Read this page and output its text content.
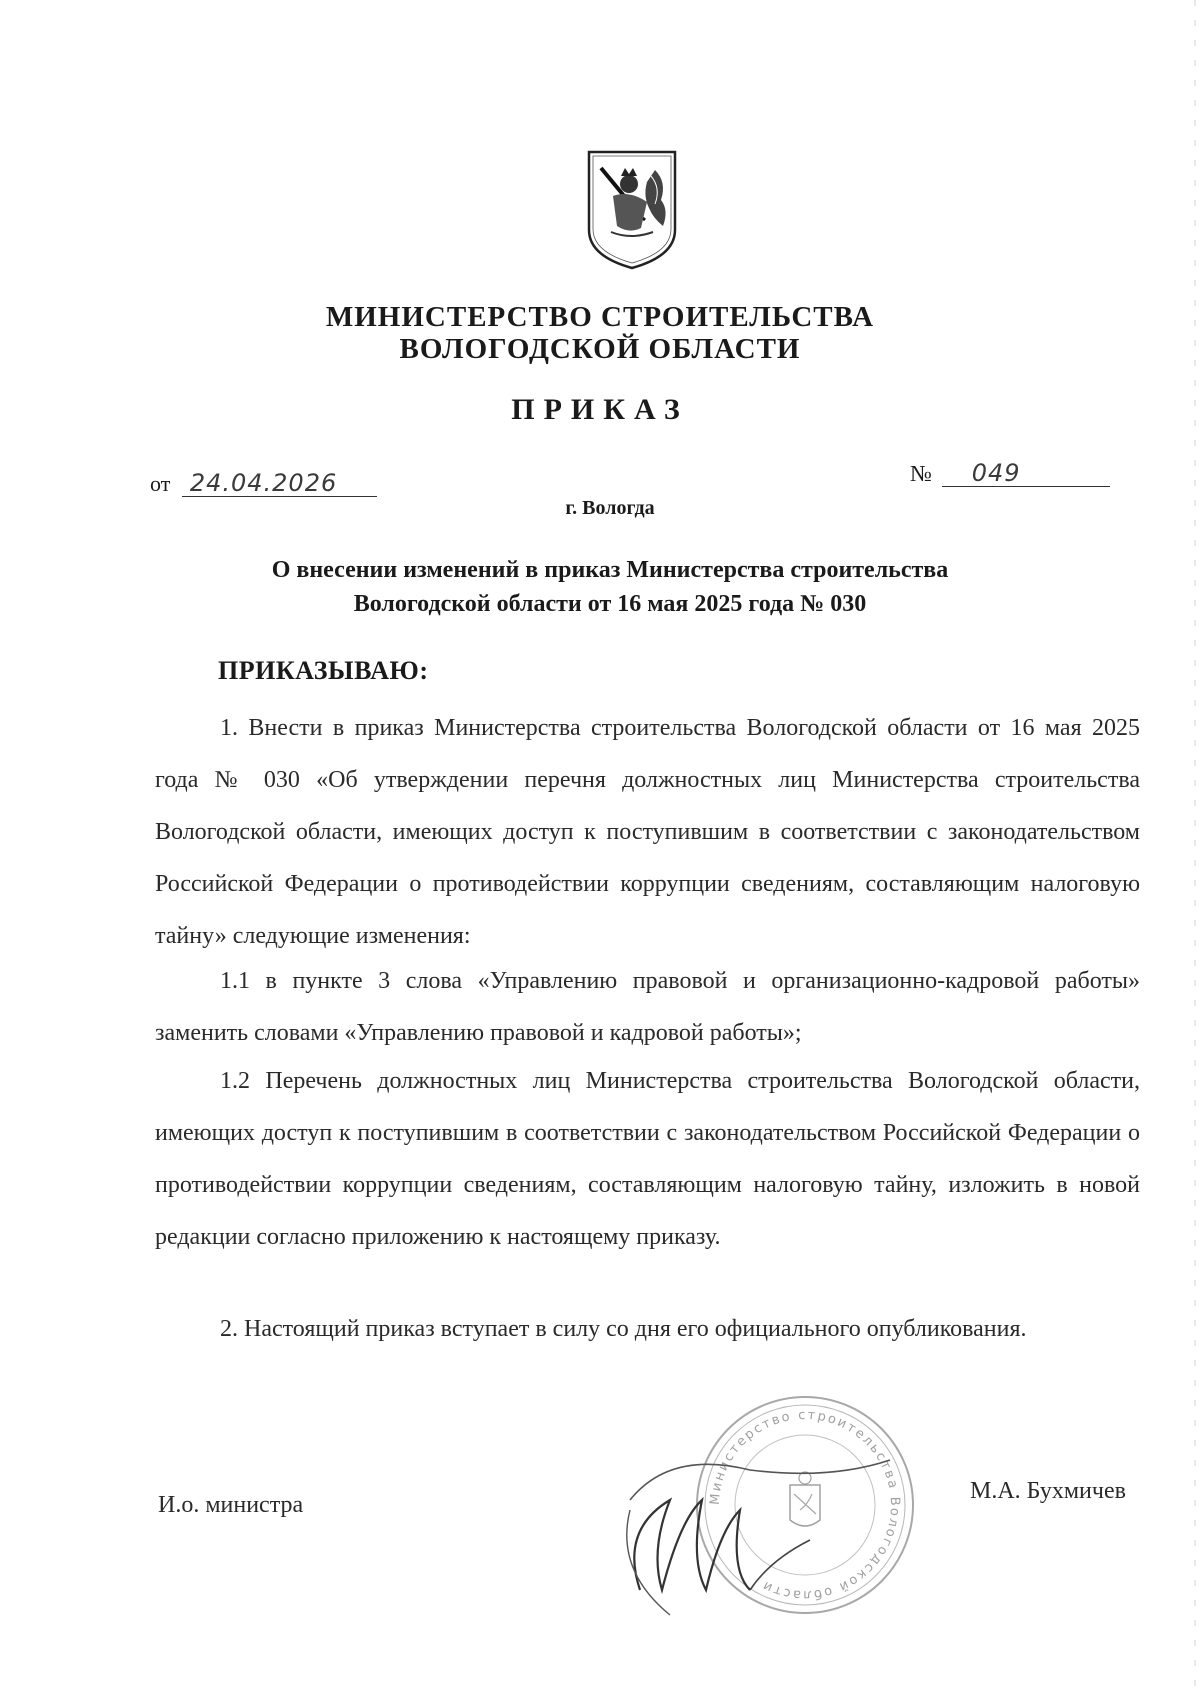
МИНИСТЕРСТВО СТРОИТЕЛЬСТВА
ВОЛОГОДСКОЙ ОБЛАСТИ
ПРИКАЗ
от 24.04.2026	№ 049
г. Вологда
О внесении изменений в приказ Министерства строительства
Вологодской области от 16 мая 2025 года № 030
ПРИКАЗЫВАЮ:
1. Внести в приказ Министерства строительства Вологодской области от 16 мая 2025 года № 030 «Об утверждении перечня должностных лиц Министерства строительства Вологодской области, имеющих доступ к поступившим в соответствии с законодательством Российской Федерации о противодействии коррупции сведениям, составляющим налоговую тайну» следующие изменения:
1.1 в пункте 3 слова «Управлению правовой и организационно-кадровой работы» заменить словами «Управлению правовой и кадровой работы»;
1.2 Перечень должностных лиц Министерства строительства Вологодской области, имеющих доступ к поступившим в соответствии с законодательством Российской Федерации о противодействии коррупции сведениям, составляющим налоговую тайну, изложить в новой редакции согласно приложению к настоящему приказу.
2. Настоящий приказ вступает в силу со дня его официального опубликования.
И.о. министра	Министерство строительства Вологодской области
М.А. Бухмичев
